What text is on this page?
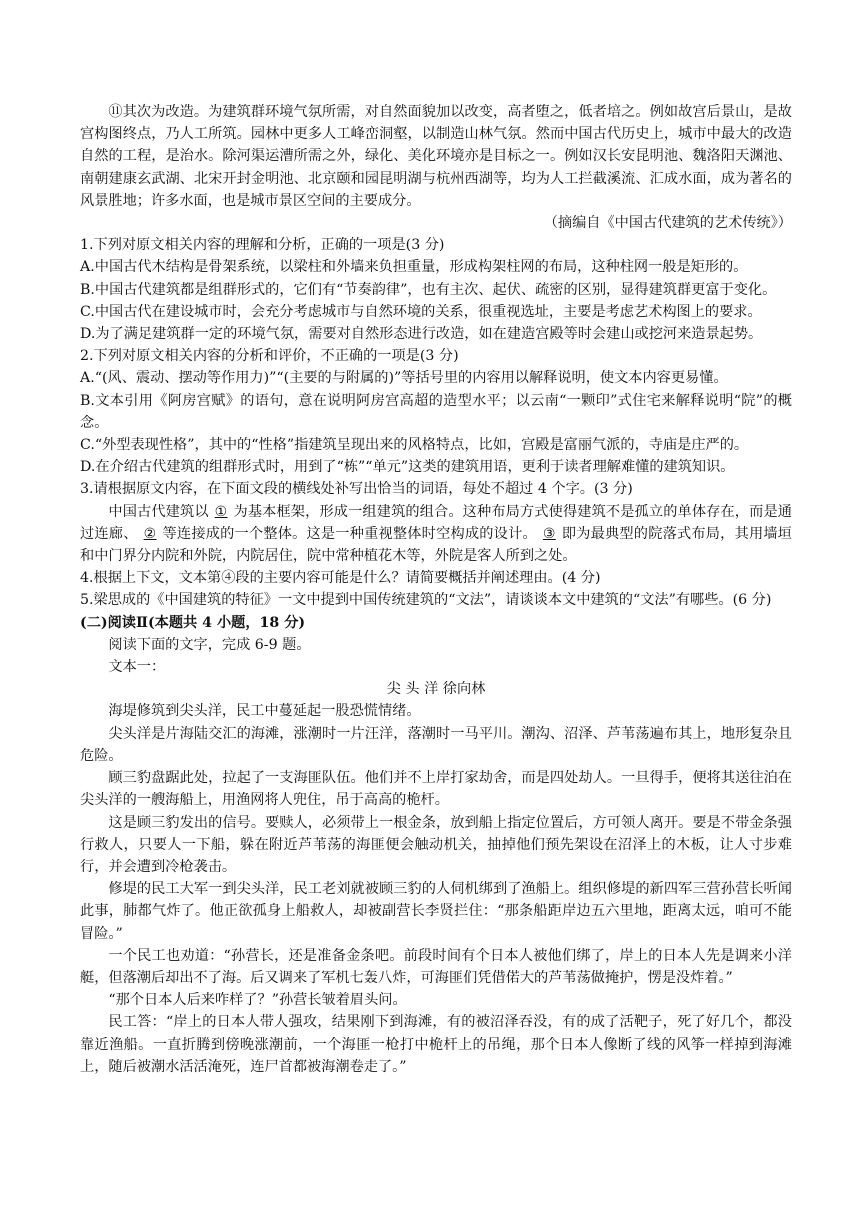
⑪其次为改造。为建筑群环境气氛所需，对自然面貌加以改变，高者堕之，低者培之。例如故宫后景山，是故宫构图终点，乃人工所筑。园林中更多人工峰峦洞壑，以制造山林气氛。然而中国古代历史上，城市中最大的改造自然的工程，是治水。除河渠运漕所需之外，绿化、美化环境亦是目标之一。例如汉长安昆明池、魏洛阳天渊池、南朝建康玄武湖、北宋开封金明池、北京颐和园昆明湖与杭州西湖等，均为人工拦截溪流、汇成水面，成为著名的风景胜地；许多水面，也是城市景区空间的主要成分。

（摘编自《中国古代建筑的艺术传统》）

1.下列对原文相关内容的理解和分析，正确的一项是(3 分)

A.中国古代木结构是骨架系统，以梁柱和外墙来负担重量，形成构架柱网的布局，这种柱网一般是矩形的。

B.中国古代建筑都是组群形式的，它们有“节奏韵律”，也有主次、起伏、疏密的区别，显得建筑群更富于变化。

C.中国古代在建设城市时，会充分考虑城市与自然环境的关系，很重视选址，主要是考虑艺术构图上的要求。

D.为了满足建筑群一定的环境气氛，需要对自然形态进行改造，如在建造宫殿等时会建山或挖河来造景起势。

2.下列对原文相关内容的分析和评价，不正确的一项是(3 分)

A.“(风、震动、摆动等作用力)”“(主要的与附属的)”等括号里的内容用以解释说明，使文本内容更易懂。

B.文本引用《阿房宫赋》的语句，意在说明阿房宫高超的造型水平；以云南“一颗印”式住宅来解释说明“院”的概念。

C.“外型表现性格”，其中的“性格”指建筑呈现出来的风格特点，比如，宫殿是富丽气派的，寺庙是庄严的。

D.在介绍古代建筑的组群形式时，用到了“栋”“单元”这类的建筑用语，更利于读者理解难懂的建筑知识。

3.请根据原文内容，在下面文段的横线处补写出恰当的词语，每处不超过 4 个字。(3 分)

中国古代建筑以 ① 为基本框架，形成一组建筑的组合。这种布局方式使得建筑不是孤立的单体存在，而是通过连廊、 ② 等连接成的一个整体。这是一种重视整体时空构成的设计。 ③ 即为最典型的院落式布局，其用墙垣和中门界分内院和外院，内院居住，院中常种植花木等，外院是客人所到之处。

4.根据上下文，文本第④段的主要内容可能是什么？请简要概括并阐述理由。(4 分)

5.梁思成的《中国建筑的特征》一文中提到中国传统建筑的“文法”，请谈谈本文中建筑的“文法”有哪些。(6 分)

(二)阅读Ⅱ(本题共 4 小题，18 分)

阅读下面的文字，完成 6-9 题。

文本一：

尖 头 洋 徐向林

海堤修筑到尖头洋，民工中蔓延起一股恐慌情绪。

尖头洋是片海陆交汇的海滩，涨潮时一片汪洋，落潮时一马平川。潮沟、沼泽、芦苇荡遍布其上，地形复杂且危险。

顾三豹盘踞此处，拉起了一支海匪队伍。他们并不上岸打家劫舍，而是四处劫人。一旦得手，便将其送往泊在尖头洋的一艘海船上，用渔网将人兜住，吊于高高的桅杆。

这是顾三豹发出的信号。要赎人，必须带上一根金条，放到船上指定位置后，方可领人离开。要是不带金条强行救人，只要人一下船，躲在附近芦苇荡的海匪便会触动机关，抽掉他们预先架设在沼泽上的木板，让人寸步难行，并会遭到冷枪袭击。

修堤的民工大军一到尖头洋，民工老刘就被顾三豹的人伺机绑到了渔船上。组织修堤的新四军三营孙营长听闻此事，肺都气炸了。他正欲孤身上船救人，却被副营长李贤拦住：“那条船距岸边五六里地，距离太远，咱可不能冒险。”

一个民工也劝道：“孙营长，还是准备金条吧。前段时间有个日本人被他们绑了，岸上的日本人先是调来小洋艇，但落潮后却出不了海。后又调来了军机七轰八炸，可海匪们凭借偌大的芦苇荡做掩护，愣是没炸着。”

“那个日本人后来咋样了？”孙营长皱着眉头问。

民工答：“岸上的日本人带人强攻，结果刚下到海滩，有的被沼泽吞没，有的成了活靶子，死了好几个，都没靠近渔船。一直折腾到傍晚涨潮前，一个海匪一枪打中桅杆上的吊绳，那个日本人像断了线的风筝一样掉到海滩上，随后被潮水活活淹死，连尸首都被海潮卷走了。”
